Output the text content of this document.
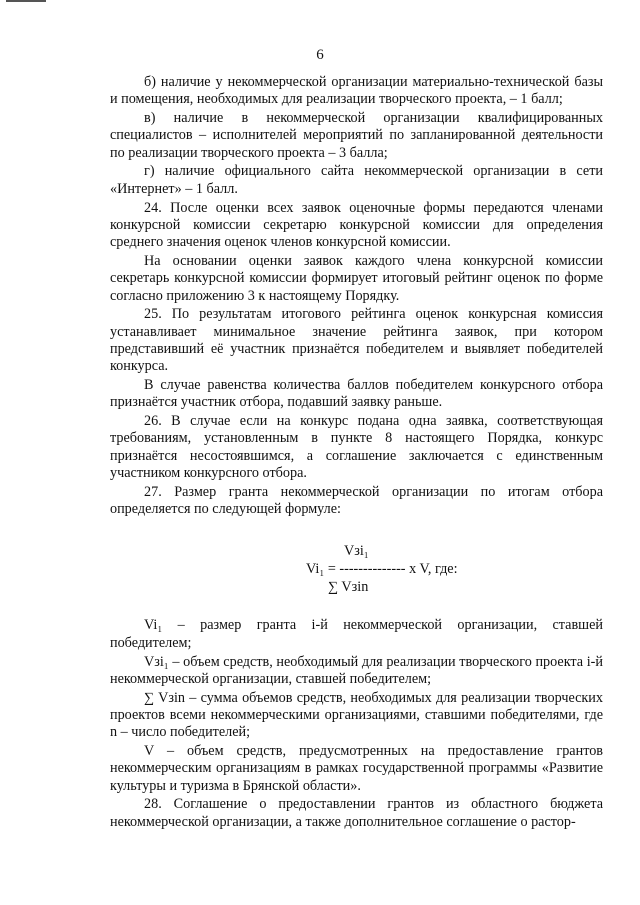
6

б) наличие у некоммерческой организации материально-технической базы и помещения, необходимых для реализации творческого проекта, – 1 балл;

в) наличие в некоммерческой организации квалифицированных специалистов – исполнителей мероприятий по запланированной деятельности по реализации творческого проекта – 3 балла;

г) наличие официального сайта некоммерческой организации в сети «Интернет» – 1 балл.

24. После оценки всех заявок оценочные формы передаются членами конкурсной комиссии секретарю конкурсной комиссии для определения среднего значения оценок членов конкурсной комиссии.

На основании оценки заявок каждого члена конкурсной комиссии секретарь конкурсной комиссии формирует итоговый рейтинг оценок по форме согласно приложению 3 к настоящему Порядку.

25. По результатам итогового рейтинга оценок конкурсная комиссия устанавливает минимальное значение рейтинга заявок, при котором представивший её участник признаётся победителем и выявляет победителей конкурса.

В случае равенства количества баллов победителем конкурсного отбора признаётся участник отбора, подавший заявку раньше.

26. В случае если на конкурс подана одна заявка, соответствующая требованиям, установленным в пункте 8 настоящего Порядка, конкурс признаётся несостоявшимся, а соглашение заключается с единственным участником конкурсного отбора.

27. Размер гранта некоммерческой организации по итогам отбора определяется по следующей формуле:

Vзi₁
Vi₁ = -------------- x V, где:
∑ Vзin

Vi₁ – размер гранта i-й некоммерческой организации, ставшей победителем;

Vзi₁ – объем средств, необходимый для реализации творческого проекта i-й некоммерческой организации, ставшей победителем;

∑ Vзin – сумма объемов средств, необходимых для реализации творческих проектов всеми некоммерческими организациями, ставшими победителями, где n – число победителей;

V – объем средств, предусмотренных на предоставление грантов некоммерческим организациям в рамках государственной программы «Развитие культуры и туризма в Брянской области».

28. Соглашение о предоставлении грантов из областного бюджета некоммерческой организации, а также дополнительное соглашение о растор-
